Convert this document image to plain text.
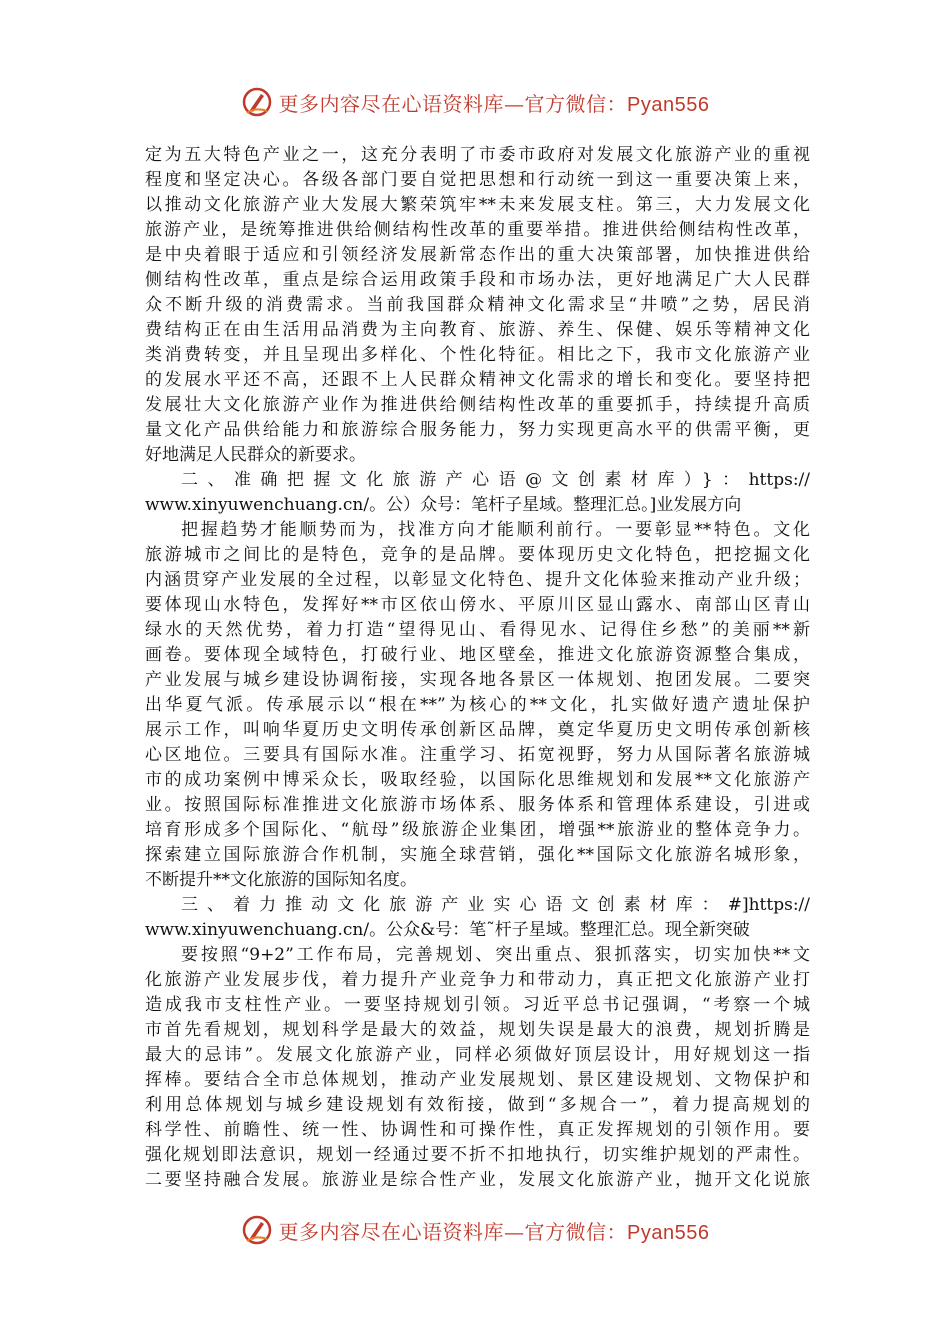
更多内容尽在心语资料库—官方微信：Pyan556
定为五大特色产业之一，这充分表明了市委市政府对发展文化旅游产业的重视
程度和坚定决心。各级各部门要自觉把思想和行动统一到这一重要决策上来，
以推动文化旅游产业大发展大繁荣筑牢**未来发展支柱。第三，大力发展文化
旅游产业，是统筹推进供给侧结构性改革的重要举措。推进供给侧结构性改革，
是中央着眼于适应和引领经济发展新常态作出的重大决策部署，加快推进供给
侧结构性改革，重点是综合运用政策手段和市场办法，更好地满足广大人民群
众不断升级的消费需求。当前我国群众精神文化需求呈“井喷”之势，居民消
费结构正在由生活用品消费为主向教育、旅游、养生、保健、娱乐等精神文化
类消费转变，并且呈现出多样化、个性化特征。相比之下，我市文化旅游产业
的发展水平还不高，还跟不上人民群众精神文化需求的增长和变化。要坚持把
发展壮大文化旅游产业作为推进供给侧结构性改革的重要抓手，持续提升高质
量文化产品供给能力和旅游综合服务能力，努力实现更高水平的供需平衡，更
好地满足人民群众的新要求。
二、准确把握文化旅游产心语@文创素材库）}：https://
www.xinyuwenchuang.cn/。公）众号：笔杆子星域。整理汇总。]业发展方向
把握趋势才能顺势而为，找准方向才能顺利前行。一要彰显**特色。文化
旅游城市之间比的是特色，竞争的是品牌。要体现历史文化特色，把挖掘文化
内涵贯穿产业发展的全过程，以彰显文化特色、提升文化体验来推动产业升级；
要体现山水特色，发挥好**市区依山傍水、平原川区显山露水、南部山区青山
绿水的天然优势，着力打造“望得见山、看得见水、记得住乡愁”的美丽**新
画卷。要体现全域特色，打破行业、地区壁垒，推进文化旅游资源整合集成，
产业发展与城乡建设协调衔接，实现各地各景区一体规划、抱团发展。二要突
出华夏气派。传承展示以“根在**”为核心的**文化，扎实做好遗产遗址保护
展示工作，叫响华夏历史文明传承创新区品牌，奠定华夏历史文明传承创新核
心区地位。三要具有国际水准。注重学习、拓宽视野，努力从国际著名旅游城
市的成功案例中博采众长，吸取经验，以国际化思维规划和发展**文化旅游产
业。按照国际标准推进文化旅游市场体系、服务体系和管理体系建设，引进或
培育形成多个国际化、“航母”级旅游企业集团，增强**旅游业的整体竞争力。
探索建立国际旅游合作机制，实施全球营销，强化**国际文化旅游名城形象，
不断提升**文化旅游的国际知名度。
三、着力推动文化旅游产业实心语文创素材库：#]https://
www.xinyuwenchuang.cn/。公众&号：笔˜杆子星域。整理汇总。现全新突破
要按照“9+2”工作布局，完善规划、突出重点、狠抓落实，切实加快**文
化旅游产业发展步伐，着力提升产业竞争力和带动力，真正把文化旅游产业打
造成我市支柱性产业。一要坚持规划引领。习近平总书记强调，“考察一个城
市首先看规划，规划科学是最大的效益，规划失误是最大的浪费，规划折腾是
最大的忌讳”。发展文化旅游产业，同样必须做好顶层设计，用好规划这一指
挥棒。要结合全市总体规划，推动产业发展规划、景区建设规划、文物保护和
利用总体规划与城乡建设规划有效衔接，做到“多规合一”，着力提高规划的
科学性、前瞻性、统一性、协调性和可操作性，真正发挥规划的引领作用。要
强化规划即法意识，规划一经通过要不折不扣地执行，切实维护规划的严肃性。
二要坚持融合发展。旅游业是综合性产业，发展文化旅游产业，抛开文化说旅
更多内容尽在心语资料库—官方微信：Pyan556
